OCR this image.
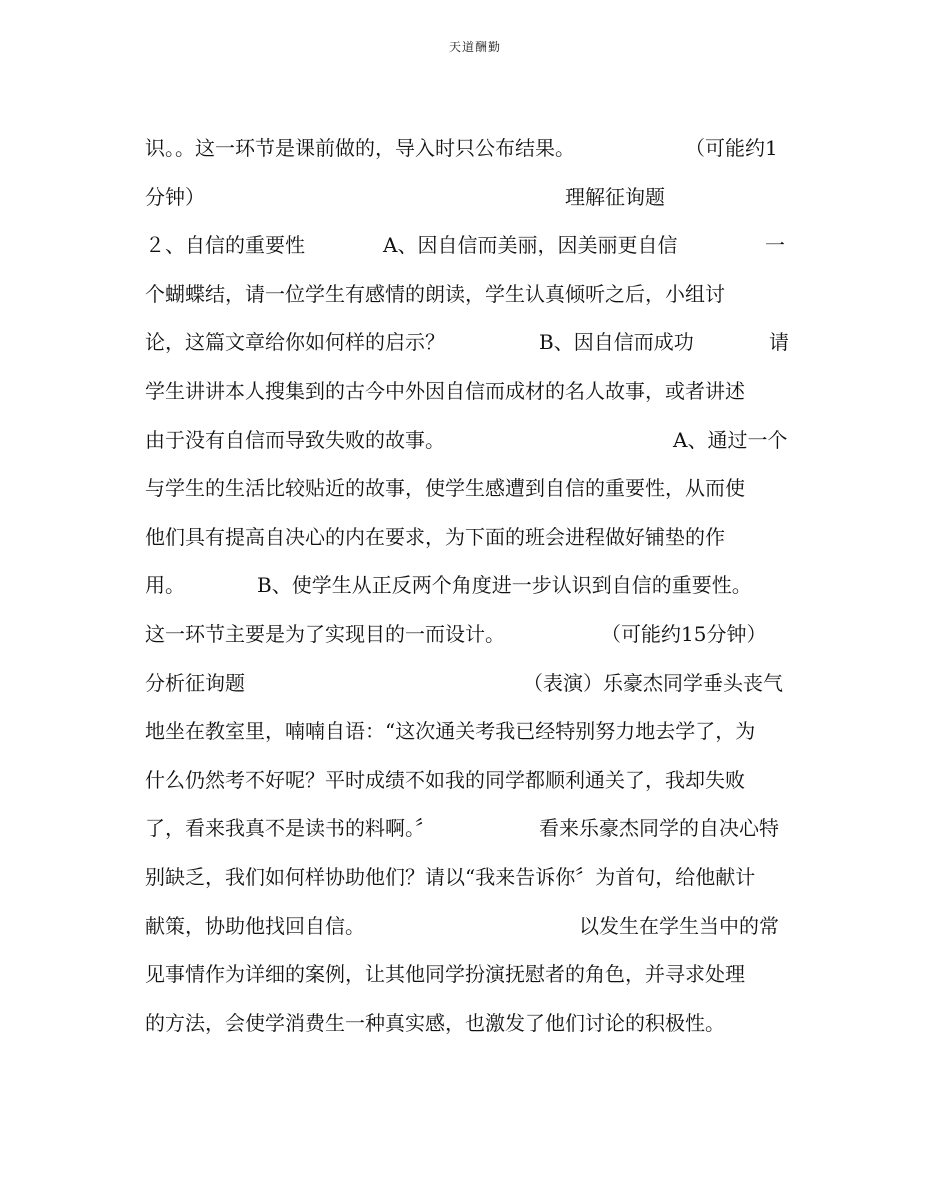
天道酬勤
识。。这一环节是课前做的，导入时只公布结果。	（可能约1
分钟）	理解征询题
２、自信的重要性	A、因自信而美丽，因美丽更自信	一
个蝴蝶结，请一位学生有感情的朗读，学生认真倾听之后，小组讨
论，这篇文章给你如何样的启示？	B、因自信而成功	请
学生讲讲本人搜集到的古今中外因自信而成材的名人故事，或者讲述
由于没有自信而导致失败的故事。	A、通过一个
与学生的生活比较贴近的故事，使学生感遭到自信的重要性，从而使
他们具有提高自决心的内在要求，为下面的班会进程做好铺垫的作
用。	B、使学生从正反两个角度进一步认识到自信的重要性。
这一环节主要是为了实现目的一而设计。	（可能约15分钟）
分析征询题	（表演）乐豪杰同学垂头丧气
地坐在教室里，喃喃自语：“这次通关考我已经特别努力地去学了，为
什么仍然考不好呢？平时成绩不如我的同学都顺利通关了，我却失败
了，看来我真不是读书的料啊。〞	看来乐豪杰同学的自决心特
别缺乏，我们如何样协助他们？请以“我来告诉你〞为首句，给他献计
献策，协助他找回自信。	以发生在学生当中的常
见事情作为详细的案例，让其他同学扮演抚慰者的角色，并寻求处理
的方法，会使学消费生一种真实感，也激发了他们讨论的积极性。
